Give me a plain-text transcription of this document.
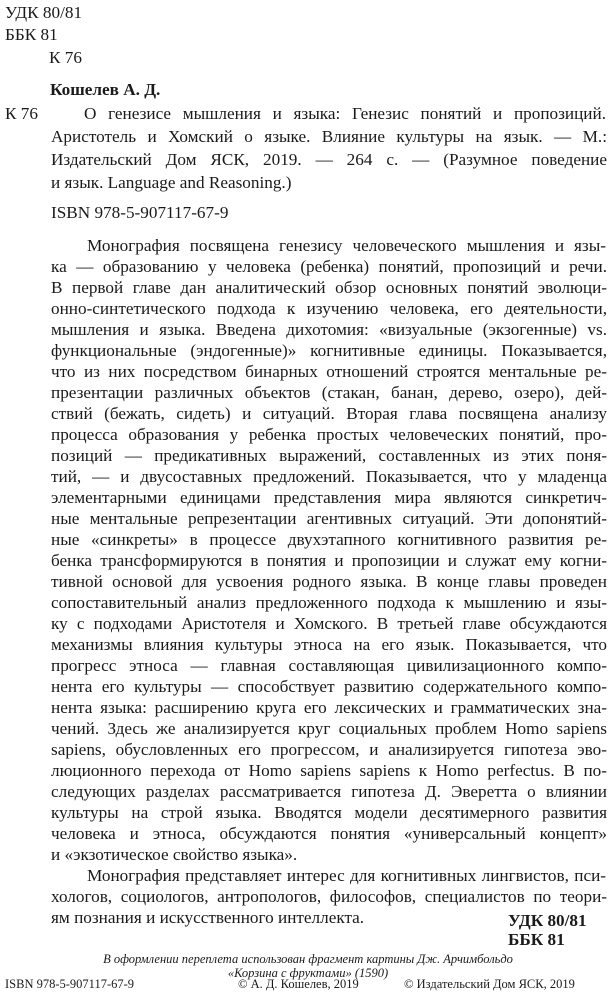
УДК 80/81
ББК 81
К 76
Кошелев А. Д.
К 76	О генезисе мышления и языка: Генезис понятий и пропозиций.
Аристотель и Хомский о языке. Влияние культуры на язык. — М.:
Издательский Дом ЯСК, 2019. — 264 с. — (Разумное поведение
и язык. Language and Reasoning.)
ISBN 978-5-907117-67-9
Монография посвящена генезису человеческого мышления и язы-
ка — образованию у человека (ребенка) понятий, пропозиций и речи.
В первой главе дан аналитический обзор основных понятий эволюци-
онно-синтетического подхода к изучению человека, его деятельности,
мышления и языка. Введена дихотомия: «визуальные (экзогенные) vs.
функциональные (эндогенные)» когнитивные единицы. Показывается,
что из них посредством бинарных отношений строятся ментальные ре-
презентации различных объектов (стакан, банан, дерево, озеро), дей-
ствий (бежать, сидеть) и ситуаций. Вторая глава посвящена анализу
процесса образования у ребенка простых человеческих понятий, про-
позиций — предикативных выражений, составленных из этих поня-
тий, — и двусоставных предложений. Показывается, что у младенца
элементарными единицами представления мира являются синкретич-
ные ментальные репрезентации агентивных ситуаций. Эти допонятий-
ные «синкреты» в процессе двухэтапного когнитивного развития ре-
бенка трансформируются в понятия и пропозиции и служат ему когни-
тивной основой для усвоения родного языка. В конце главы проведен
сопоставительный анализ предложенного подхода к мышлению и язы-
ку с подходами Аристотеля и Хомского. В третьей главе обсуждаются
механизмы влияния культуры этноса на его язык. Показывается, что
прогресс этноса — главная составляющая цивилизационного компо-
нента его культуры — способствует развитию содержательного компо-
нента языка: расширению круга его лексических и грамматических зна-
чений. Здесь же анализируется круг социальных проблем Homo sapiens
sapiens, обусловленных его прогрессом, и анализируется гипотеза эво-
люционного перехода от Homo sapiens sapiens к Homo perfectus. В по-
следующих разделах рассматривается гипотеза Д. Эверетта о влиянии
культуры на строй языка. Вводятся модели десятимерного развития
человека и этноса, обсуждаются понятия «универсальный концепт»
и «экзотическое свойство языка».
Монография представляет интерес для когнитивных лингвистов, пси-
хологов, социологов, антропологов, философов, специалистов по теори-
ям познания и искусственного интеллекта.	УДК 80/81
ББК 81
В оформлении переплета использован фрагмент картины Дж. Арчимбольдо
«Корзина с фруктами» (1590)
© А. Д. Кошелев, 2019
ISBN 978-5-907117-67-9	© Издательский Дом ЯСК, 2019
